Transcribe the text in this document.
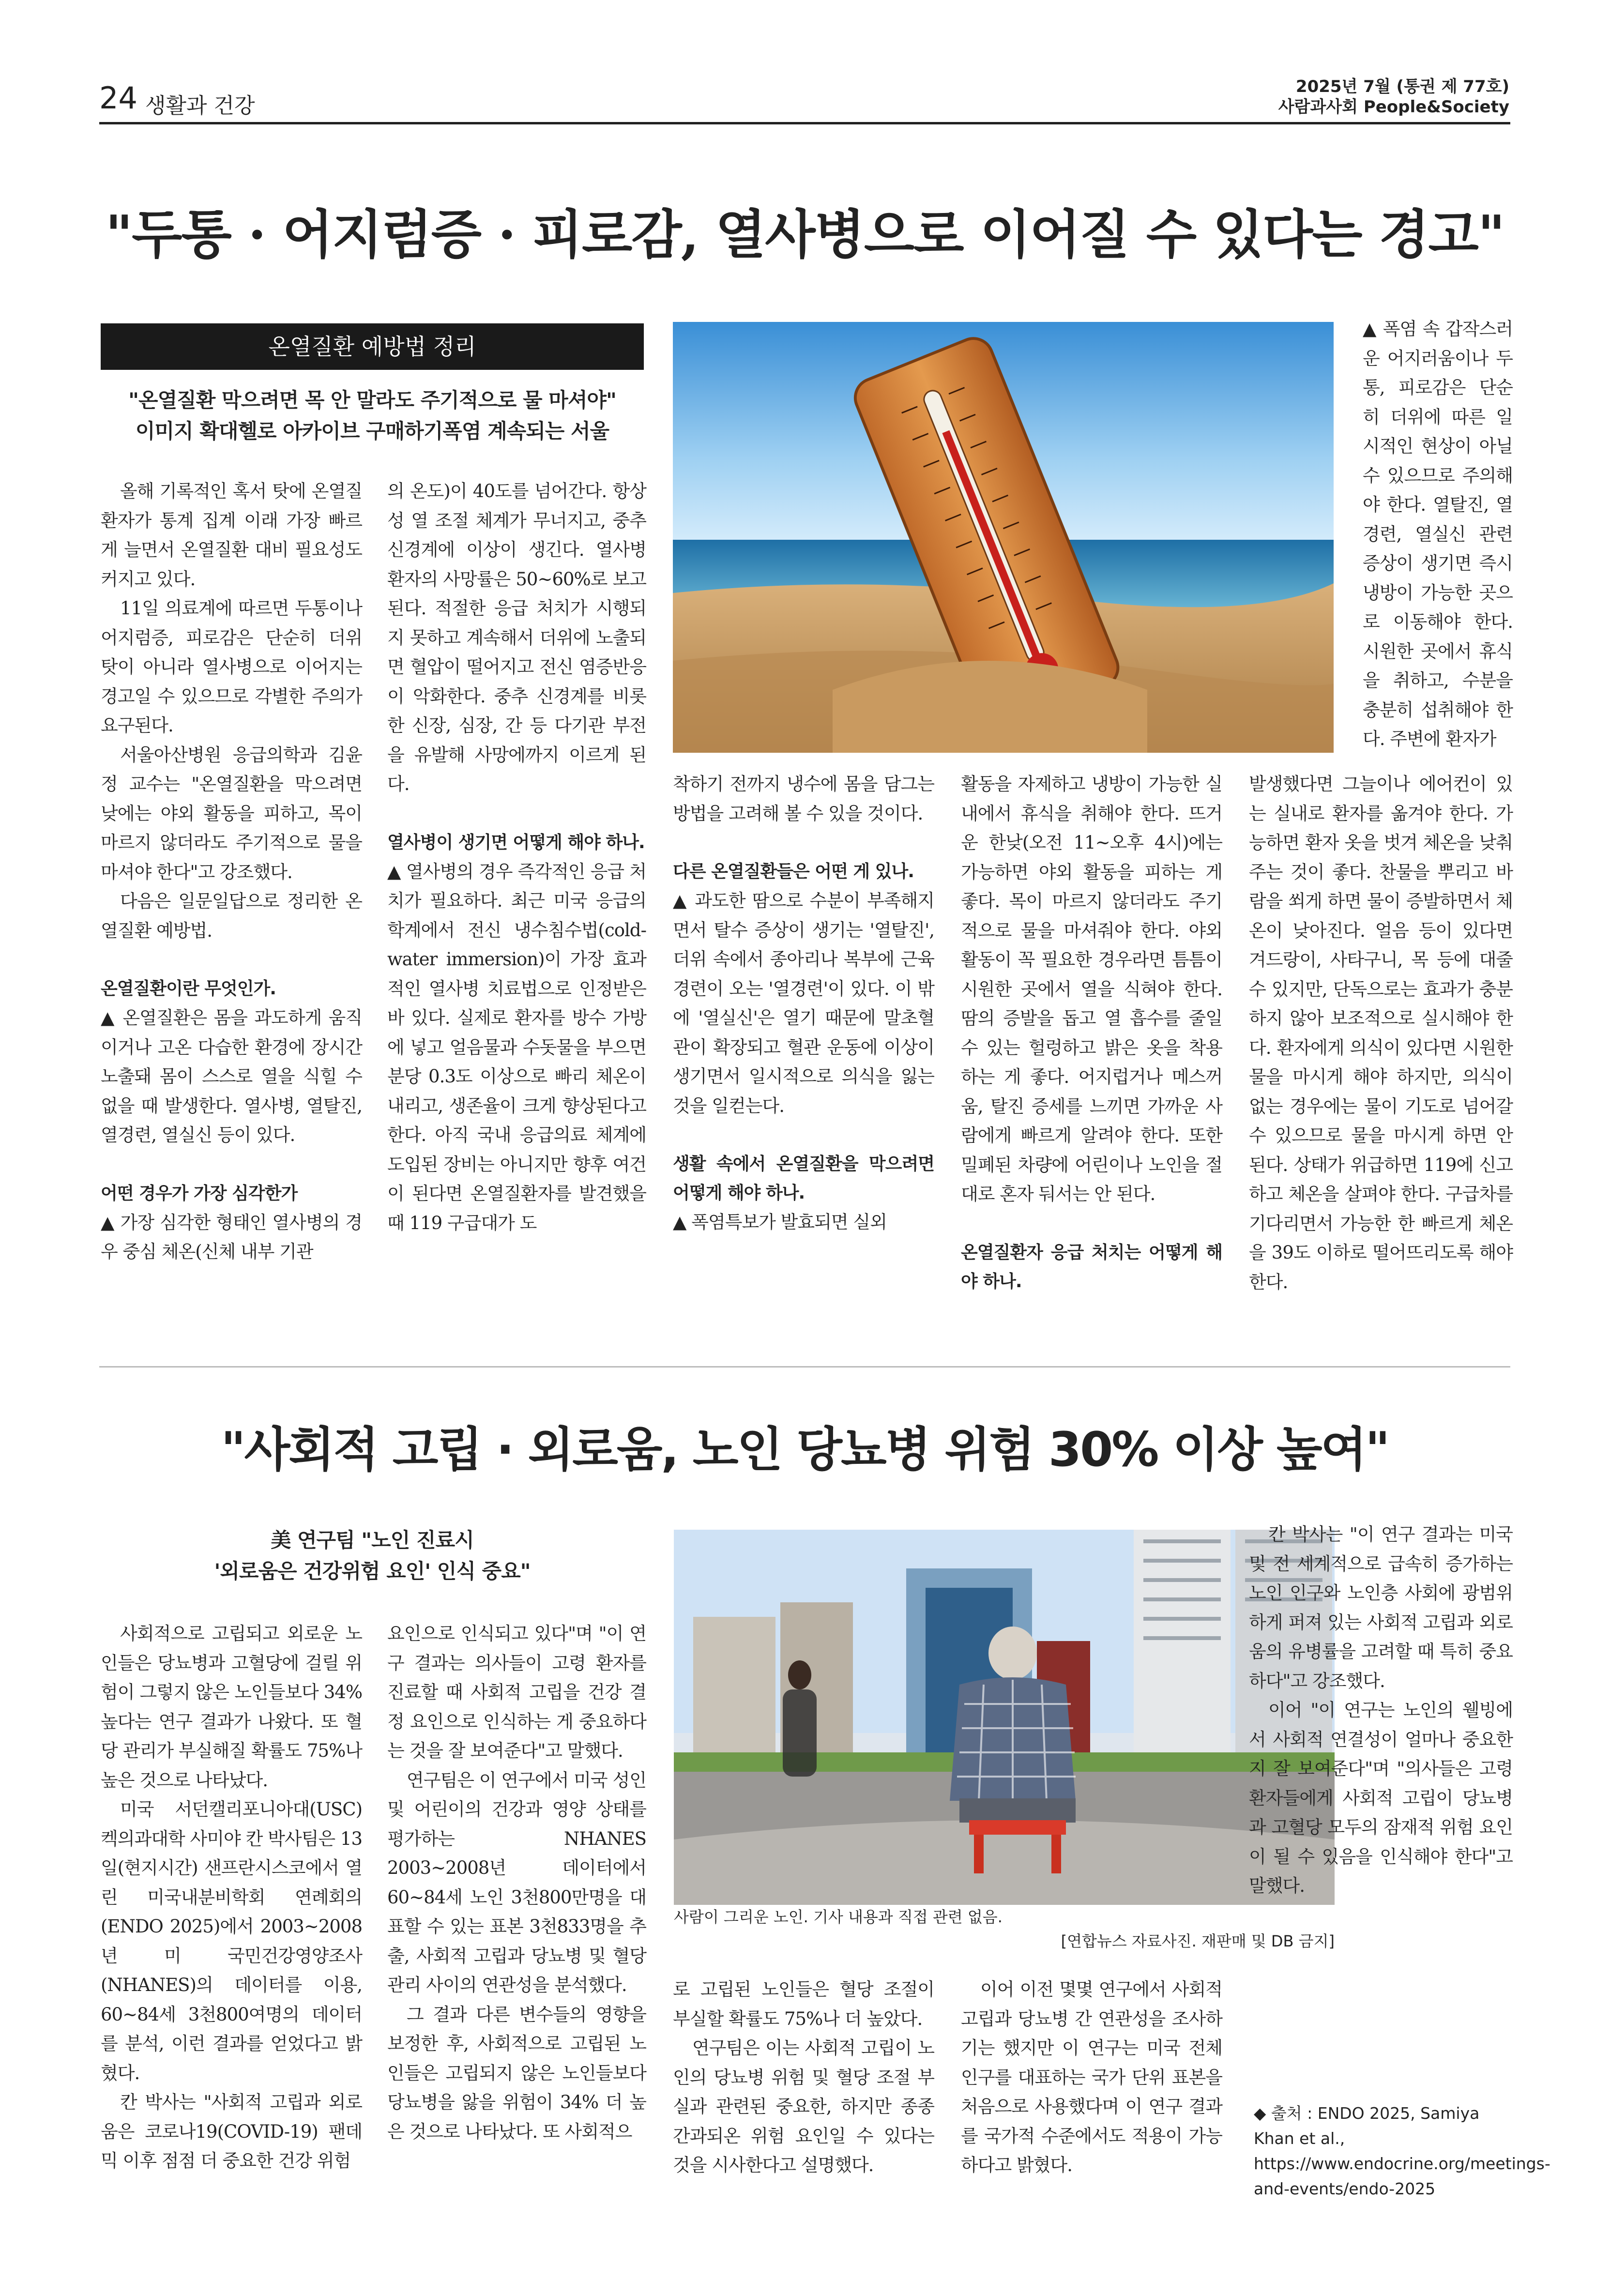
24 생활과 건강
2025년 7월 (통권 제 77호)
사람과사회 People&Society
"두통 · 어지럼증 · 피로감, 열사병으로 이어질 수 있다는 경고"
온열질환 예방법 정리
"온열질환 막으려면 목 안 말라도 주기적으로 물 마셔야"
이미지 확대헬로 아카이브 구매하기폭염 계속되는 서울

▲ 폭염 속 갑작스러운 어지러움이나 두통, 피로감은 단순히 더위에 따른 일시적인 현상이 아닐 수 있으므로 주의해야 한다. 열탈진, 열경련, 열실신 관련 증상이 생기면 즉시 냉방이 가능한 곳으로 이동해야 한다. 시원한 곳에서 휴식을 취하고, 수분을 충분히 섭취해야 한다. 주변에 환자가

올해 기록적인 혹서 탓에 온열질환자가 통계 집계 이래 가장 빠르게 늘면서 온열질환 대비 필요성도 커지고 있다.

11일 의료계에 따르면 두통이나 어지럼증, 피로감은 단순히 더위 탓이 아니라 열사병으로 이어지는 경고일 수 있으므로 각별한 주의가 요구된다.

서울아산병원 응급의학과 김윤정 교수는 "온열질환을 막으려면 낮에는 야외 활동을 피하고, 목이 마르지 않더라도 주기적으로 물을 마셔야 한다"고 강조했다.

다음은 일문일답으로 정리한 온열질환 예방법.

온열질환이란 무엇인가.

▲ 온열질환은 몸을 과도하게 움직이거나 고온 다습한 환경에 장시간 노출돼 몸이 스스로 열을 식힐 수 없을 때 발생한다. 열사병, 열탈진, 열경련, 열실신 등이 있다.

어떤 경우가 가장 심각한가

▲ 가장 심각한 형태인 열사병의 경우 중심 체온(신체 내부 기관

의 온도)이 40도를 넘어간다. 항상성 열 조절 체계가 무너지고, 중추신경계에 이상이 생긴다. 열사병 환자의 사망률은 50~60%로 보고된다. 적절한 응급 처치가 시행되지 못하고 계속해서 더위에 노출되면 혈압이 떨어지고 전신 염증반응이 악화한다. 중추 신경계를 비롯한 신장, 심장, 간 등 다기관 부전을 유발해 사망에까지 이르게 된다.

열사병이 생기면 어떻게 해야 하나.

▲ 열사병의 경우 즉각적인 응급 처치가 필요하다. 최근 미국 응급의학계에서 전신 냉수침수법(cold-water immersion)이 가장 효과적인 열사병 치료법으로 인정받은 바 있다. 실제로 환자를 방수 가방에 넣고 얼음물과 수돗물을 부으면 분당 0.3도 이상으로 빠리 체온이 내리고, 생존율이 크게 향상된다고 한다. 아직 국내 응급의료 체계에 도입된 장비는 아니지만 향후 여건이 된다면 온열질환자를 발견했을 때 119 구급대가 도

착하기 전까지 냉수에 몸을 담그는 방법을 고려해 볼 수 있을 것이다.

다른 온열질환들은 어떤 게 있나.

▲ 과도한 땀으로 수분이 부족해지면서 탈수 증상이 생기는 '열탈진', 더위 속에서 종아리나 복부에 근육 경련이 오는 '열경련'이 있다. 이 밖에 '열실신'은 열기 때문에 말초혈관이 확장되고 혈관 운동에 이상이 생기면서 일시적으로 의식을 잃는 것을 일컫는다.

생활 속에서 온열질환을 막으려면 어떻게 해야 하나.

▲ 폭염특보가 발효되면 실외

활동을 자제하고 냉방이 가능한 실내에서 휴식을 취해야 한다. 뜨거운 한낮(오전 11~오후 4시)에는 가능하면 야외 활동을 피하는 게 좋다. 목이 마르지 않더라도 주기적으로 물을 마셔줘야 한다. 야외 활동이 꼭 필요한 경우라면 틈틈이 시원한 곳에서 열을 식혀야 한다. 땀의 증발을 돕고 열 흡수를 줄일 수 있는 헐렁하고 밝은 옷을 착용하는 게 좋다. 어지럽거나 메스꺼움, 탈진 증세를 느끼면 가까운 사람에게 빠르게 알려야 한다. 또한 밀폐된 차량에 어린이나 노인을 절대로 혼자 둬서는 안 된다.

온열질환자 응급 처치는 어떻게 해야 하나.

발생했다면 그늘이나 에어컨이 있는 실내로 환자를 옮겨야 한다. 가능하면 환자 옷을 벗겨 체온을 낮춰주는 것이 좋다. 찬물을 뿌리고 바람을 쐬게 하면 물이 증발하면서 체온이 낮아진다. 얼음 등이 있다면 겨드랑이, 사타구니, 목 등에 대줄 수 있지만, 단독으로는 효과가 충분하지 않아 보조적으로 실시해야 한다. 환자에게 의식이 있다면 시원한 물을 마시게 해야 하지만, 의식이 없는 경우에는 물이 기도로 넘어갈 수 있으므로 물을 마시게 하면 안 된다. 상태가 위급하면 119에 신고하고 체온을 살펴야 한다. 구급차를 기다리면서 가능한 한 빠르게 체온을 39도 이하로 떨어뜨리도록 해야 한다.

"사회적 고립 · 외로움, 노인 당뇨병 위험 30% 이상 높여"
美 연구팀 "노인 진료시
'외로움은 건강위험 요인' 인식 중요"
사람이 그리운 노인. 기사 내용과 직접 관련 없음.
[연합뉴스 자료사진. 재판매 및 DB 금지]

칸 박사는 "이 연구 결과는 미국 및 전 세계적으로 급속히 증가하는 노인 인구와 노인층 사회에 광범위하게 퍼져 있는 사회적 고립과 외로움의 유병률을 고려할 때 특히 중요하다"고 강조했다.

이어 "이 연구는 노인의 웰빙에서 사회적 연결성이 얼마나 중요한지 잘 보여준다"며 "의사들은 고령 환자들에게 사회적 고립이 당뇨병과 고혈당 모두의 잠재적 위험 요인이 될 수 있음을 인식해야 한다"고 말했다.

사회적으로 고립되고 외로운 노인들은 당뇨병과 고혈당에 걸릴 위험이 그렇지 않은 노인들보다 34% 높다는 연구 결과가 나왔다. 또 혈당 관리가 부실해질 확률도 75%나 높은 것으로 나타났다.

미국 서던캘리포니아대(USC) 켁의과대학 사미야 칸 박사팀은 13일(현지시간) 샌프란시스코에서 열린 미국내분비학회 연례회의(ENDO 2025)에서 2003~2008년 미 국민건강영양조사(NHANES)의 데이터를 이용, 60~84세 3천800여명의 데이터를 분석, 이런 결과를 얻었다고 밝혔다.

칸 박사는 "사회적 고립과 외로움은 코로나19(COVID-19) 팬데믹 이후 점점 더 중요한 건강 위험

요인으로 인식되고 있다"며 "이 연구 결과는 의사들이 고령 환자를 진료할 때 사회적 고립을 건강 결정 요인으로 인식하는 게 중요하다는 것을 잘 보여준다"고 말했다.

연구팀은 이 연구에서 미국 성인 및 어린이의 건강과 영양 상태를 평가하는 NHANES 2003~2008년 데이터에서 60~84세 노인 3천800만명을 대표할 수 있는 표본 3천833명을 추출, 사회적 고립과 당뇨병 및 혈당 관리 사이의 연관성을 분석했다.

그 결과 다른 변수들의 영향을 보정한 후, 사회적으로 고립된 노인들은 고립되지 않은 노인들보다 당뇨병을 앓을 위험이 34% 더 높은 것으로 나타났다. 또 사회적으

로 고립된 노인들은 혈당 조절이 부실할 확률도 75%나 더 높았다.

연구팀은 이는 사회적 고립이 노인의 당뇨병 위험 및 혈당 조절 부실과 관련된 중요한, 하지만 종종 간과되온 위험 요인일 수 있다는 것을 시사한다고 설명했다.

이어 이전 몇몇 연구에서 사회적 고립과 당뇨병 간 연관성을 조사하기는 했지만 이 연구는 미국 전체 인구를 대표하는 국가 단위 표본을 처음으로 사용했다며 이 연구 결과를 국가적 수준에서도 적용이 가능하다고 밝혔다.

◆ 출처 : ENDO 2025, Samiya Khan et al., https://www.endocrine.org/meetings-and-events/endo-2025
